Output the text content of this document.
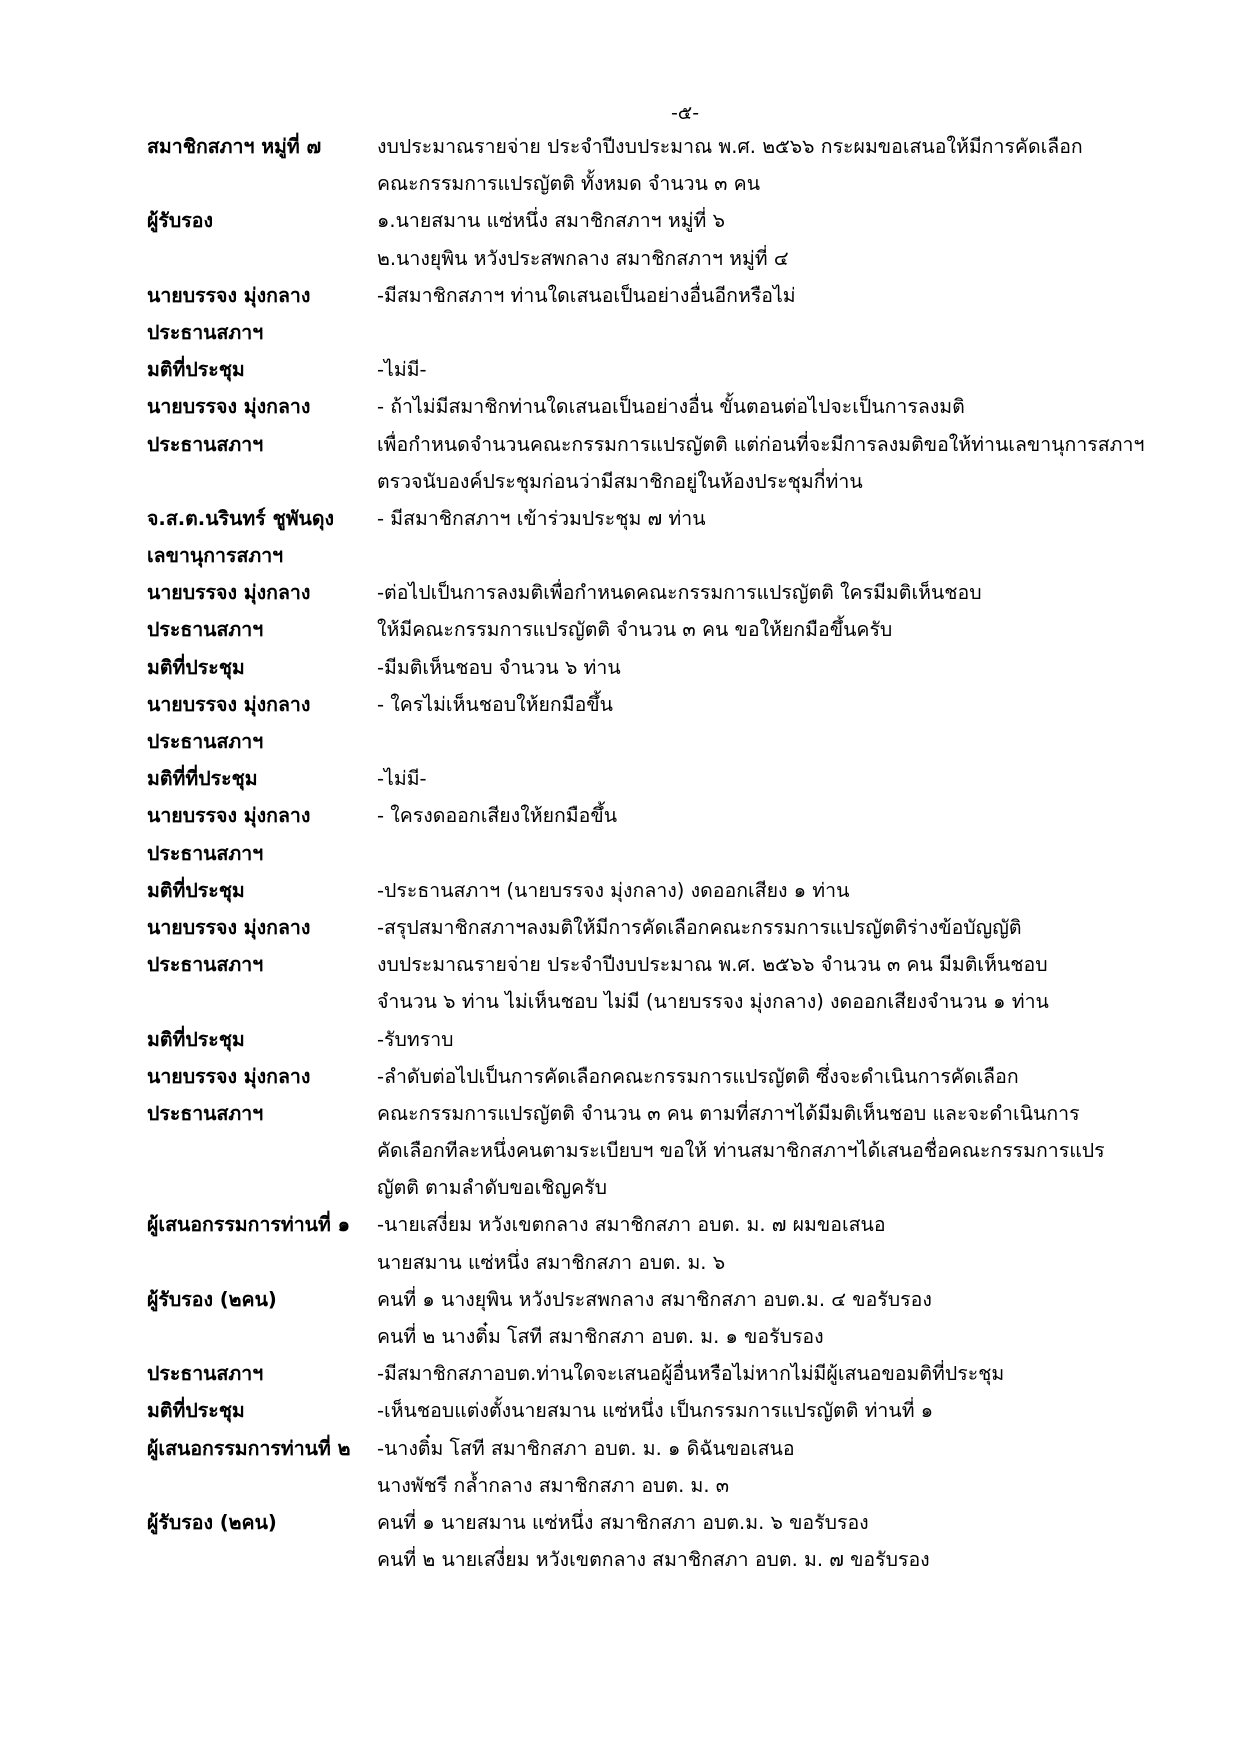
-๕-
สมาชิกสภาฯ หมู่ที่ ๗	งบประมาณรายจ่าย ประจำปีงบประมาณ พ.ศ. ๒๕๖๖ กระผมขอเสนอให้มีการคัดเลือก
คณะกรรมการแปรญัตติ ทั้งหมด จำนวน ๓ คน
ผู้รับรอง	๑.นายสมาน แซ่หนึ่ง สมาชิกสภาฯ หมู่ที่ ๖
๒.นางยุพิน หวังประสพกลาง สมาชิกสภาฯ หมู่ที่ ๔
นายบรรจง มุ่งกลาง	-มีสมาชิกสภาฯ ท่านใดเสนอเป็นอย่างอื่นอีกหรือไม่
ประธานสภาฯ
มติที่ประชุม	-ไม่มี-
นายบรรจง มุ่งกลาง	- ถ้าไม่มีสมาชิกท่านใดเสนอเป็นอย่างอื่น ขั้นตอนต่อไปจะเป็นการลงมติ
ประธานสภาฯ	เพื่อกำหนดจำนวนคณะกรรมการแปรญัตติ แต่ก่อนที่จะมีการลงมติขอให้ท่านเลขานุการสภาฯ
ตรวจนับองค์ประชุมก่อนว่ามีสมาชิกอยู่ในห้องประชุมกี่ท่าน
จ.ส.ต.นรินทร์ ชูพันดุง - มีสมาชิกสภาฯ เข้าร่วมประชุม ๗ ท่าน
เลขานุการสภาฯ
นายบรรจง มุ่งกลาง	-ต่อไปเป็นการลงมติเพื่อกำหนดคณะกรรมการแปรญัตติ ใครมีมติเห็นชอบ
ประธานสภาฯ	ให้มีคณะกรรมการแปรญัตติ จำนวน ๓ คน ขอให้ยกมือขึ้นครับ
มติที่ประชุม	-มีมติเห็นชอบ จำนวน ๖ ท่าน
นายบรรจง มุ่งกลาง	- ใครไม่เห็นชอบให้ยกมือขึ้น
ประธานสภาฯ
มติที่ที่ประชุม	-ไม่มี-
นายบรรจง มุ่งกลาง	- ใครงดออกเสียงให้ยกมือขึ้น
ประธานสภาฯ
มติที่ประชุม	-ประธานสภาฯ (นายบรรจง มุ่งกลาง) งดออกเสียง ๑ ท่าน
นายบรรจง มุ่งกลาง	-สรุปสมาชิกสภาฯลงมติให้มีการคัดเลือกคณะกรรมการแปรญัตติร่างข้อบัญญัติ
ประธานสภาฯ	งบประมาณรายจ่าย ประจำปีงบประมาณ พ.ศ. ๒๕๖๖ จำนวน ๓ คน มีมติเห็นชอบ
จำนวน ๖ ท่าน ไม่เห็นชอบ ไม่มี (นายบรรจง มุ่งกลาง) งดออกเสียงจำนวน ๑ ท่าน
มติที่ประชุม	-รับทราบ
นายบรรจง มุ่งกลาง	-ลำดับต่อไปเป็นการคัดเลือกคณะกรรมการแปรญัตติ ซึ่งจะดำเนินการคัดเลือก
ประธานสภาฯ	คณะกรรมการแปรญัตติ จำนวน ๓ คน ตามที่สภาฯได้มีมติเห็นชอบ และจะดำเนินการ
คัดเลือกทีละหนึ่งคนตามระเบียบฯ ขอให้ ท่านสมาชิกสภาฯได้เสนอชื่อคณะกรรมการแปร
ญัตติ ตามลำดับขอเชิญครับ
ผู้เสนอกรรมการท่านที่ ๑ -นายเสงี่ยม หวังเขตกลาง สมาชิกสภา อบต. ม. ๗ ผมขอเสนอ
นายสมาน แซ่หนึ่ง สมาชิกสภา อบต. ม. ๖
ผู้รับรอง (๒คน)	คนที่ ๑ นางยุพิน หวังประสพกลาง สมาชิกสภา อบต.ม. ๔ ขอรับรอง
คนที่ ๒ นางติ๋ม โสที สมาชิกสภา อบต. ม. ๑ ขอรับรอง
ประธานสภาฯ	-มีสมาชิกสภาอบต.ท่านใดจะเสนอผู้อื่นหรือไม่หากไม่มีผู้เสนอขอมติที่ประชุม
มติที่ประชุม	-เห็นชอบแต่งตั้งนายสมาน แซ่หนึ่ง เป็นกรรมการแปรญัตติ ท่านที่ ๑
ผู้เสนอกรรมการท่านที่ ๒ -นางติ๋ม โสที สมาชิกสภา อบต. ม. ๑ ดิฉันขอเสนอ
นางพัชรี กล้ำกลาง สมาชิกสภา อบต. ม. ๓
ผู้รับรอง (๒คน)	คนที่ ๑ นายสมาน แซ่หนึ่ง สมาชิกสภา อบต.ม. ๖ ขอรับรอง
คนที่ ๒ นายเสงี่ยม หวังเขตกลาง สมาชิกสภา อบต. ม. ๗ ขอรับรอง
